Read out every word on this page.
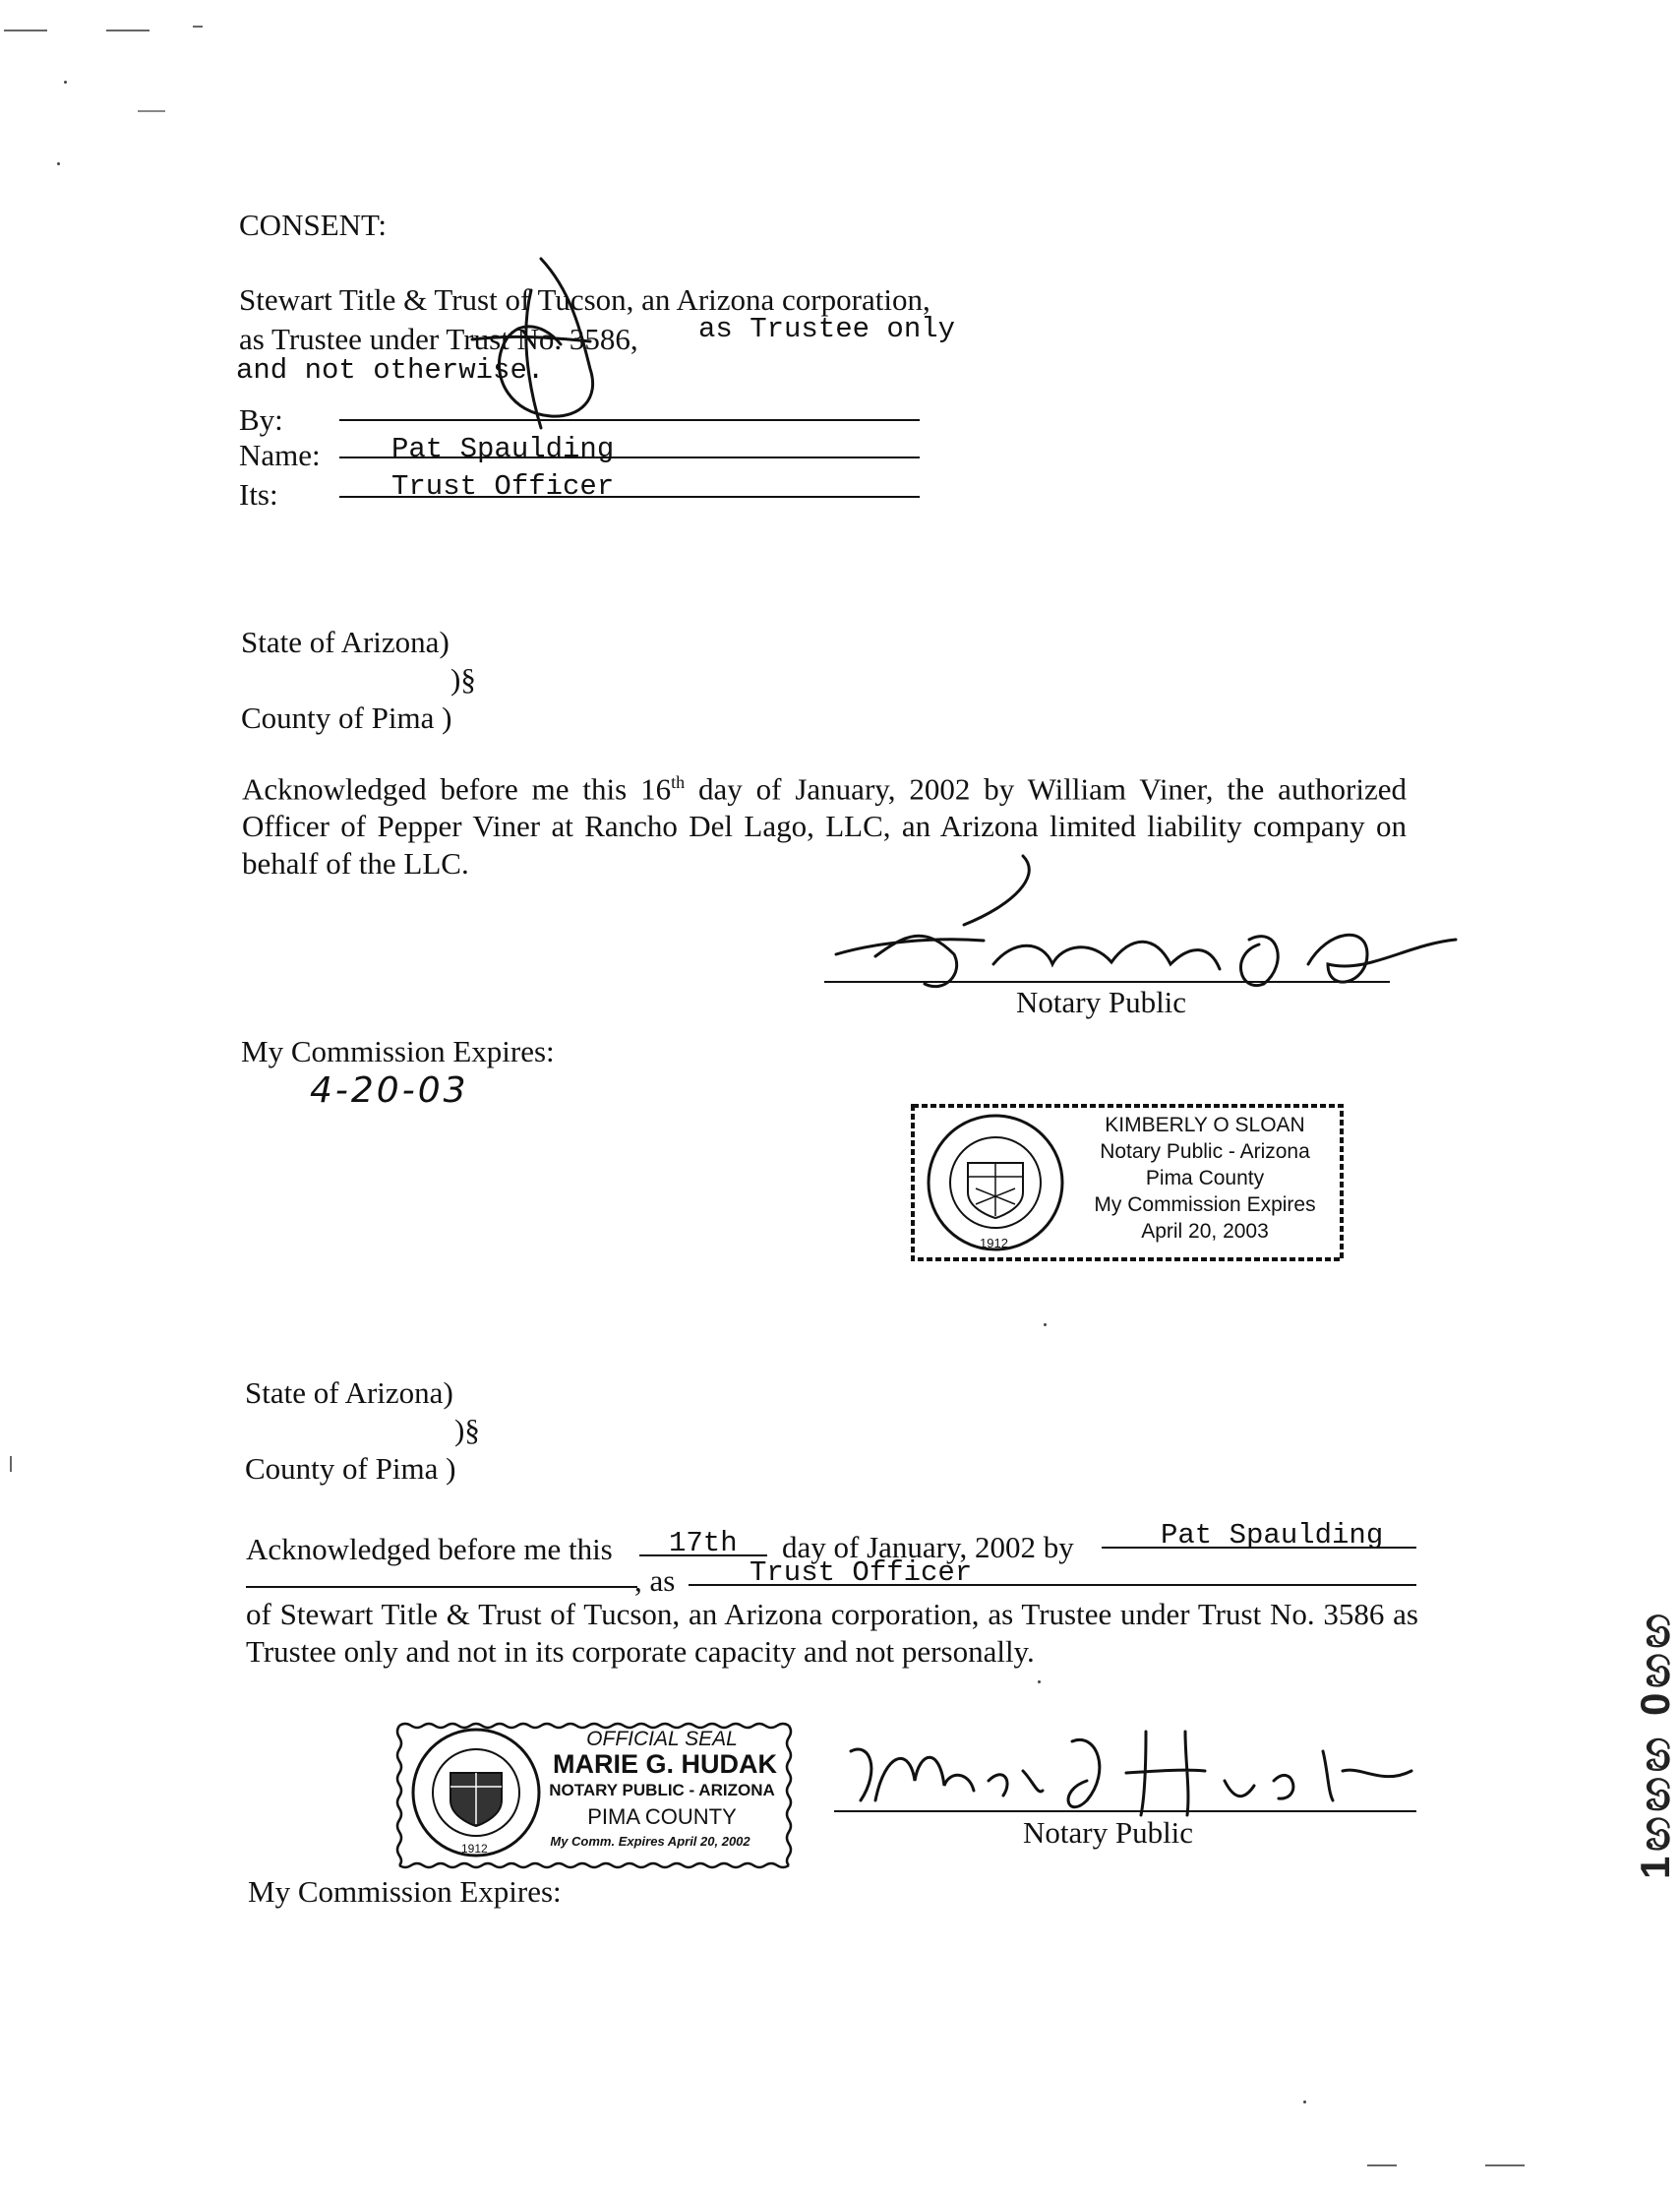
CONSENT:
Stewart Title & Trust of Tucson, an Arizona corporation,
as Trustee under Trust No. 3586, as Trustee only
and not otherwise.
By:
Name: Pat Spaulding
Its:	Trust Officer
State of Arizona)
)§
County of Pima )
Acknowledged before me this 16th day of January, 2002 by William Viner, the authorized Officer of Pepper Viner at Rancho Del Lago, LLC, an Arizona limited liability company on behalf of the LLC.
Notary Public
My Commission Expires:
4-20-03
1912
KIMBERLY O SLOAN
Notary Public - Arizona
Pima County
My Commission Expires
April 20, 2003
State of Arizona)
)§
County of Pima )
Acknowledged before me this 17th day of January, 2002 by	Pat Spaulding
, as	Trust Officer
of Stewart Title & Trust of Tucson, an Arizona corporation, as Trustee under Trust No. 3586 as Trustee only and not in its corporate capacity and not personally.
1912
OFFICIAL SEAL
MARIE G. HUDAK
NOTARY PUBLIC - ARIZONA
PIMA COUNTY
My Comm. Expires April 20, 2002	Notary Public
My Commission Expires:
1ඟඟඟ 0ඟඟ
